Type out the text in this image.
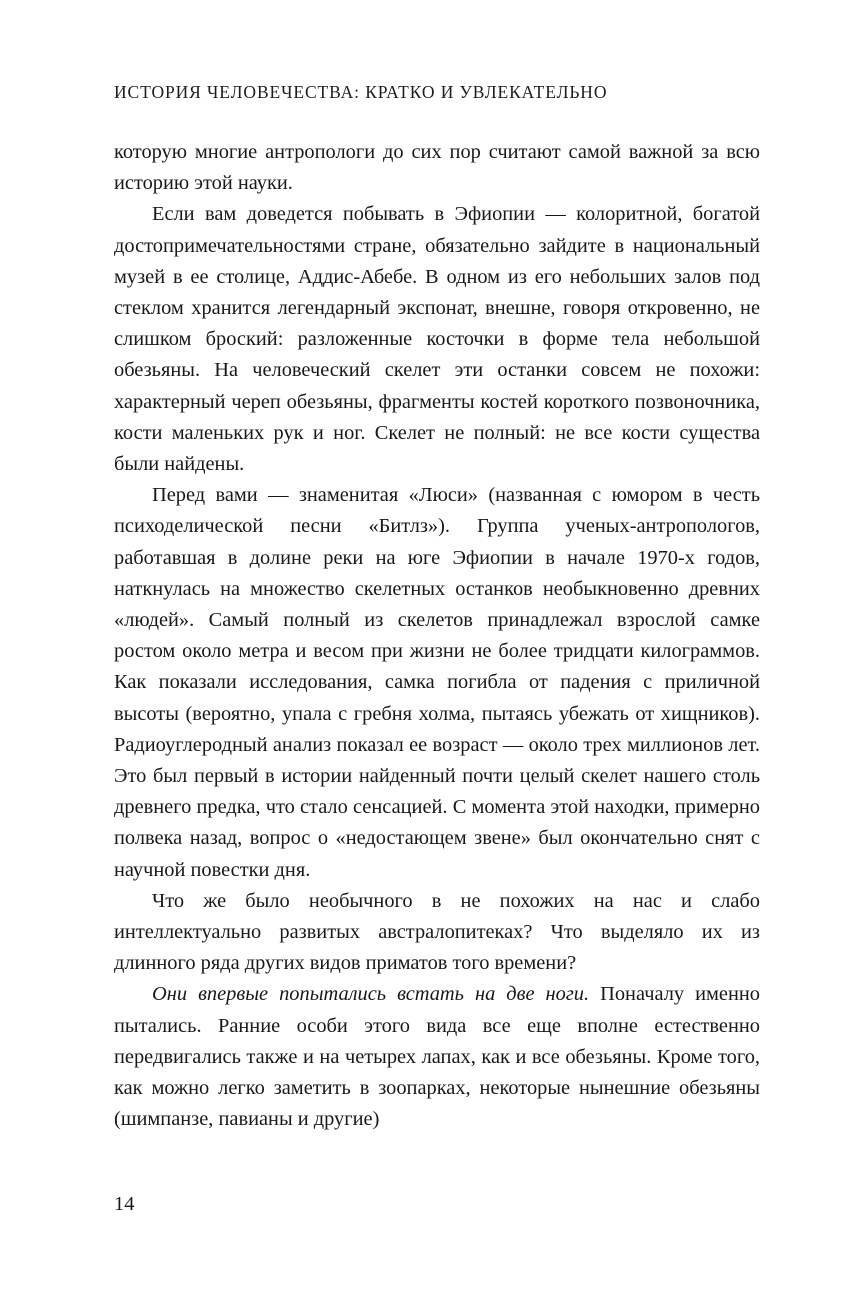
ИСТОРИЯ ЧЕЛОВЕЧЕСТВА: КРАТКО И УВЛЕКАТЕЛЬНО

которую многие антропологи до сих пор считают самой важной за всю историю этой науки.

Если вам доведется побывать в Эфиопии — колоритной, богатой достопримечательностями стране, обязательно зайдите в национальный музей в ее столице, Аддис-Абебе. В одном из его небольших залов под стеклом хранится легендарный экспонат, внешне, говоря откровенно, не слишком броский: разложенные косточки в форме тела небольшой обезьяны. На человеческий скелет эти останки совсем не похожи: характерный череп обезьяны, фрагменты костей короткого позвоночника, кости маленьких рук и ног. Скелет не полный: не все кости существа были найдены.

Перед вами — знаменитая «Люси» (названная с юмором в честь психоделической песни «Битлз»). Группа ученых-антропологов, работавшая в долине реки на юге Эфиопии в начале 1970-х годов, наткнулась на множество скелетных останков необыкновенно древних «людей». Самый полный из скелетов принадлежал взрослой самке ростом около метра и весом при жизни не более тридцати килограммов. Как показали исследования, самка погибла от падения с приличной высоты (вероятно, упала с гребня холма, пытаясь убежать от хищников). Радиоуглеродный анализ показал ее возраст — около трех миллионов лет. Это был первый в истории найденный почти целый скелет нашего столь древнего предка, что стало сенсацией. С момента этой находки, примерно полвека назад, вопрос о «недостающем звене» был окончательно снят с научной повестки дня.

Что же было необычного в не похожих на нас и слабо интеллектуально развитых австралопитеках? Что выделяло их из длинного ряда других видов приматов того времени?

Они впервые попытались встать на две ноги. Поначалу именно пытались. Ранние особи этого вида все еще вполне естественно передвигались также и на четырех лапах, как и все обезьяны. Кроме того, как можно легко заметить в зоопарках, некоторые нынешние обезьяны (шимпанзе, павианы и другие)

14
